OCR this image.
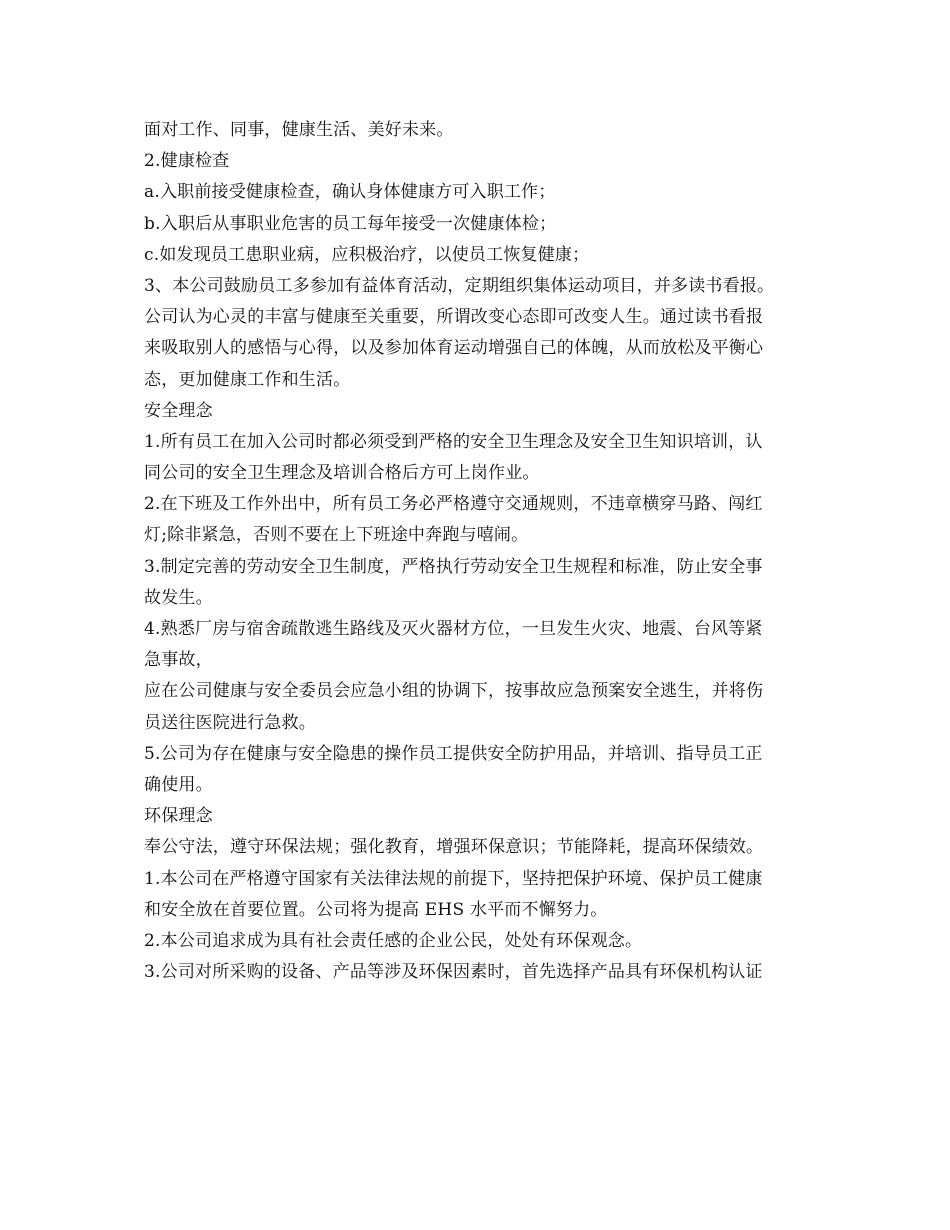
面对工作、同事，健康生活、美好未来。
2.健康检查
a.入职前接受健康检查，确认身体健康方可入职工作；
b.入职后从事职业危害的员工每年接受一次健康体检；
c.如发现员工患职业病，应积极治疗，以使员工恢复健康；
3、本公司鼓励员工多参加有益体育活动，定期组织集体运动项目，并多读书看报。
公司认为心灵的丰富与健康至关重要，所谓改变心态即可改变人生。通过读书看报
来吸取别人的感悟与心得，以及参加体育运动增强自己的体魄，从而放松及平衡心
态，更加健康工作和生活。
安全理念
1.所有员工在加入公司时都必须受到严格的安全卫生理念及安全卫生知识培训，认
同公司的安全卫生理念及培训合格后方可上岗作业。
2.在下班及工作外出中，所有员工务必严格遵守交通规则，不违章横穿马路、闯红
灯;除非紧急，否则不要在上下班途中奔跑与嘻闹。
3.制定完善的劳动安全卫生制度，严格执行劳动安全卫生规程和标准，防止安全事
故发生。
4.熟悉厂房与宿舍疏散逃生路线及灭火器材方位，一旦发生火灾、地震、台风等紧
急事故，
应在公司健康与安全委员会应急小组的协调下，按事故应急预案安全逃生，并将伤
员送往医院进行急救。
5.公司为存在健康与安全隐患的操作员工提供安全防护用品，并培训、指导员工正
确使用。
环保理念
奉公守法，遵守环保法规；强化教育，增强环保意识；节能降耗，提高环保绩效。
1.本公司在严格遵守国家有关法律法规的前提下，坚持把保护环境、保护员工健康
和安全放在首要位置。公司将为提高 EHS 水平而不懈努力。
2.本公司追求成为具有社会责任感的企业公民，处处有环保观念。
3.公司对所采购的设备、产品等涉及环保因素时，首先选择产品具有环保机构认证
